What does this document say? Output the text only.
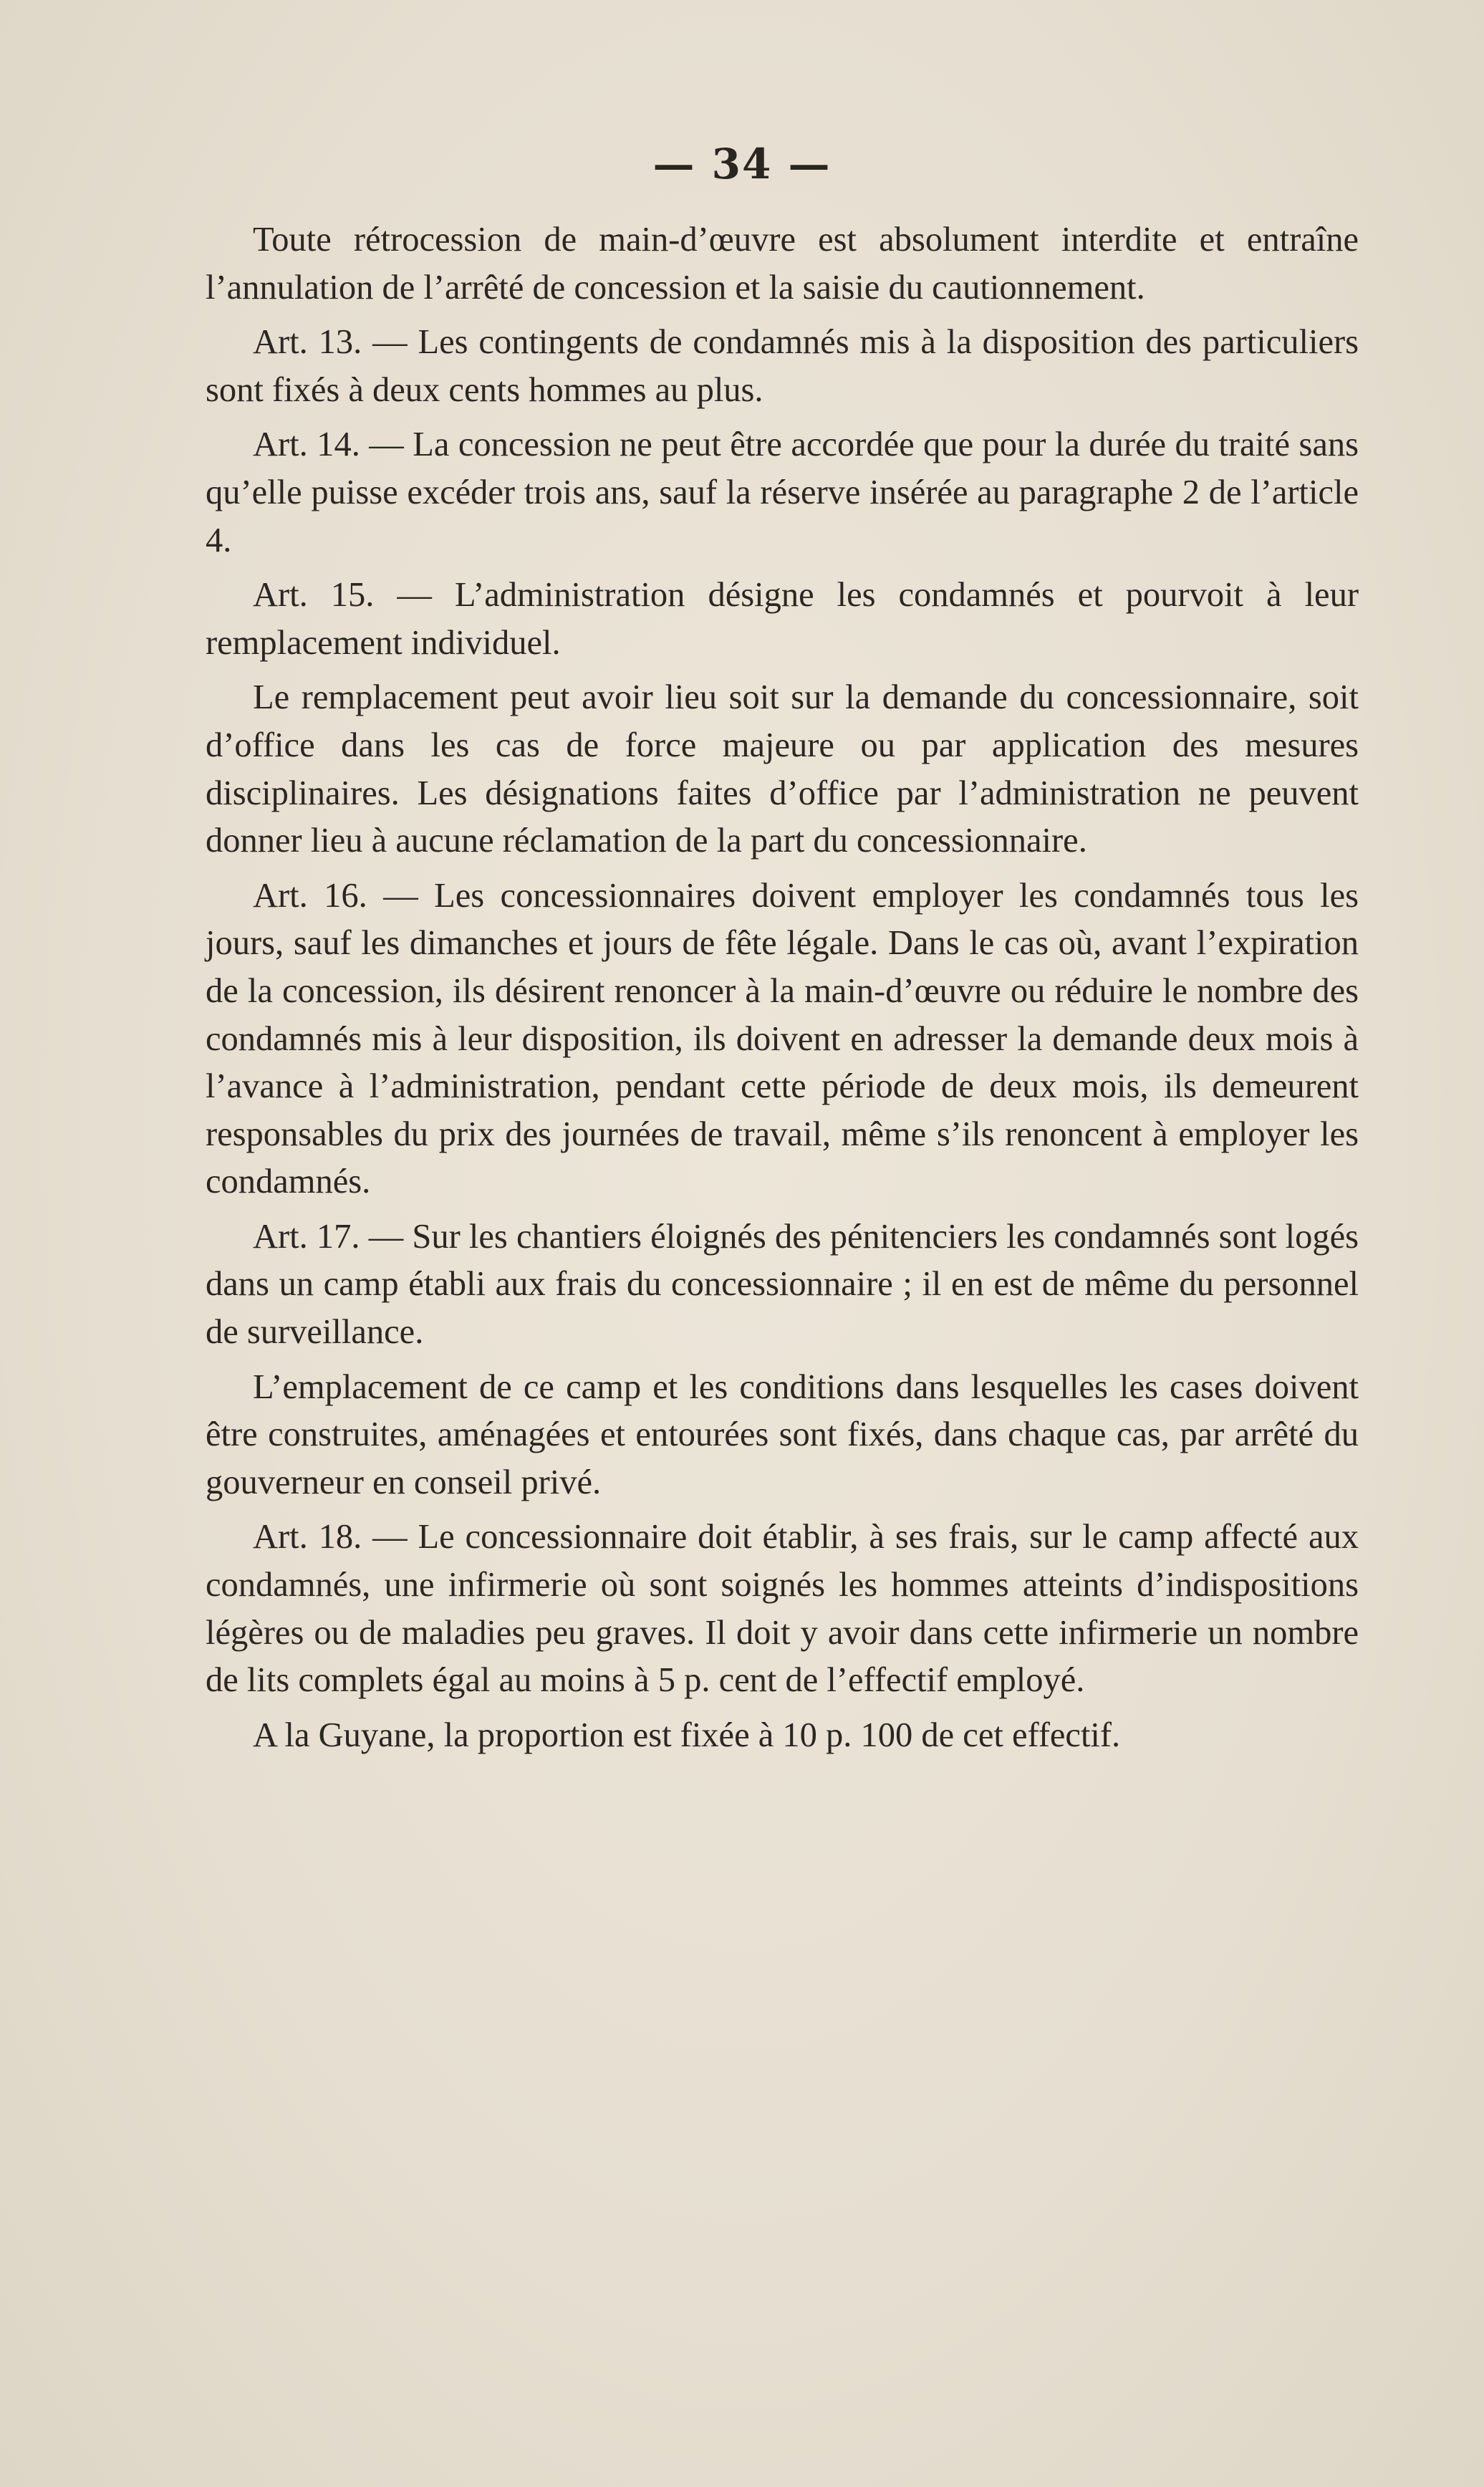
— 34 —

Toute rétrocession de main-d’œuvre est absolument interdite et entraîne l’annulation de l’arrêté de concession et la saisie du cautionnement.

Art. 13. — Les contingents de condamnés mis à la disposition des particuliers sont fixés à deux cents hommes au plus.

Art. 14. — La concession ne peut être accordée que pour la durée du traité sans qu’elle puisse excéder trois ans, sauf la réserve insérée au paragraphe 2 de l’article 4.

Art. 15. — L’administration désigne les condamnés et pourvoit à leur remplacement individuel.

Le remplacement peut avoir lieu soit sur la demande du concessionnaire, soit d’office dans les cas de force majeure ou par application des mesures disciplinaires. Les désignations faites d’office par l’administration ne peuvent donner lieu à aucune réclamation de la part du concessionnaire.

Art. 16. — Les concessionnaires doivent employer les condamnés tous les jours, sauf les dimanches et jours de fête légale. Dans le cas où, avant l’expiration de la concession, ils désirent renoncer à la main-d’œuvre ou réduire le nombre des condamnés mis à leur disposition, ils doivent en adresser la demande deux mois à l’avance à l’administration, pendant cette période de deux mois, ils demeurent responsables du prix des journées de travail, même s’ils renoncent à employer les condamnés.

Art. 17. — Sur les chantiers éloignés des pénitenciers les condamnés sont logés dans un camp établi aux frais du concessionnaire ; il en est de même du personnel de surveillance.

L’emplacement de ce camp et les conditions dans lesquelles les cases doivent être construites, aménagées et entourées sont fixés, dans chaque cas, par arrêté du gouverneur en conseil privé.

Art. 18. — Le concessionnaire doit établir, à ses frais, sur le camp affecté aux condamnés, une infirmerie où sont soignés les hommes atteints d’indispositions légères ou de maladies peu graves. Il doit y avoir dans cette infirmerie un nombre de lits complets égal au moins à 5 p. cent de l’effectif employé.

A la Guyane, la proportion est fixée à 10 p. 100 de cet effectif.
